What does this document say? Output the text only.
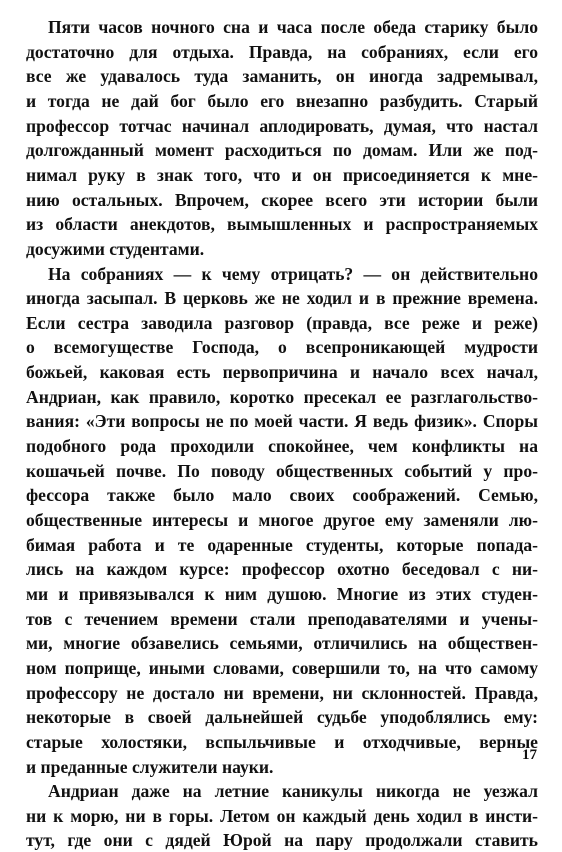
Пяти часов ночного сна и часа после обеда старику было
достаточно для отдыха. Правда, на собраниях, если его
все же удавалось туда заманить, он иногда задремывал,
и тогда не дай бог было его внезапно разбудить. Старый
профессор тотчас начинал аплодировать, думая, что настал
долгожданный момент расходиться по домам. Или же под-
нимал руку в знак того, что и он присоединяется к мне-
нию остальных. Впрочем, скорее всего эти истории были
из области анекдотов, вымышленных и распространяемых
досужими студентами.
На собраниях — к чему отрицать? — он действительно
иногда засыпал. В церковь же не ходил и в прежние времена.
Если сестра заводила разговор (правда, все реже и реже)
о всемогуществе Господа, о всепроникающей мудрости
божьей, каковая есть первопричина и начало всех начал,
Андриан, как правило, коротко пресекал ее разглагольство-
вания: «Эти вопросы не по моей части. Я ведь физик». Споры
подобного рода проходили спокойнее, чем конфликты на
кошачьей почве. По поводу общественных событий у про-
фессора также было мало своих соображений. Семью,
общественные интересы и многое другое ему заменяли лю-
бимая работа и те одаренные студенты, которые попада-
лись на каждом курсе: профессор охотно беседовал с ни-
ми и привязывался к ним душою. Многие из этих студен-
тов с течением времени стали преподавателями и учены-
ми, многие обзавелись семьями, отличились на обществен-
ном поприще, иными словами, совершили то, на что самому
профессору не достало ни времени, ни склонностей. Правда,
некоторые в своей дальнейшей судьбе уподоблялись ему:
старые холостяки, вспыльчивые и отходчивые, верные
и преданные служители науки.
Андриан даже на летние каникулы никогда не уезжал
ни к морю, ни в горы. Летом он каждый день ходил в инсти-
тут, где они с дядей Юрой на пару продолжали ставить
17
